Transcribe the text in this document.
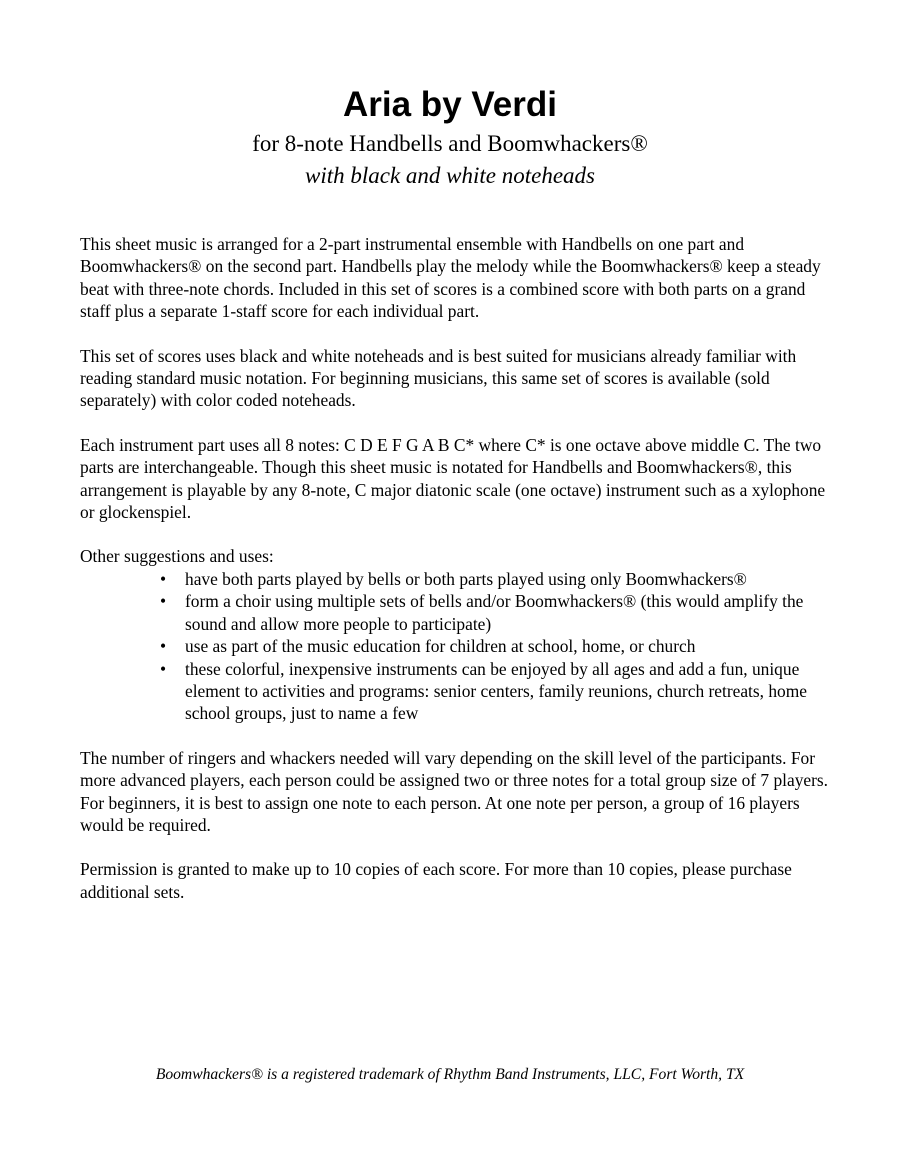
Aria by Verdi
for 8-note Handbells and Boomwhackers®
with black and white noteheads

This sheet music is arranged for a 2-part instrumental ensemble with Handbells on one part and Boomwhackers® on the second part. Handbells play the melody while the Boomwhackers® keep a steady beat with three-note chords. Included in this set of scores is a combined score with both parts on a grand staff plus a separate 1-staff score for each individual part.

This set of scores uses black and white noteheads and is best suited for musicians already familiar with reading standard music notation. For beginning musicians, this same set of scores is available (sold separately) with color coded noteheads.

Each instrument part uses all 8 notes: C D E F G A B C* where C* is one octave above middle C. The two parts are interchangeable. Though this sheet music is notated for Handbells and Boomwhackers®, this arrangement is playable by any 8-note, C major diatonic scale (one octave) instrument such as a xylophone or glockenspiel.

Other suggestions and uses:

• have both parts played by bells or both parts played using only Boomwhackers®
• form a choir using multiple sets of bells and/or Boomwhackers® (this would amplify the sound and allow more people to participate)
• use as part of the music education for children at school, home, or church
• these colorful, inexpensive instruments can be enjoyed by all ages and add a fun, unique element to activities and programs: senior centers, family reunions, church retreats, home school groups, just to name a few

The number of ringers and whackers needed will vary depending on the skill level of the participants. For more advanced players, each person could be assigned two or three notes for a total group size of 7 players. For beginners, it is best to assign one note to each person. At one note per person, a group of 16 players would be required.

Permission is granted to make up to 10 copies of each score. For more than 10 copies, please purchase additional sets.

Boomwhackers® is a registered trademark of Rhythm Band Instruments, LLC, Fort Worth, TX
